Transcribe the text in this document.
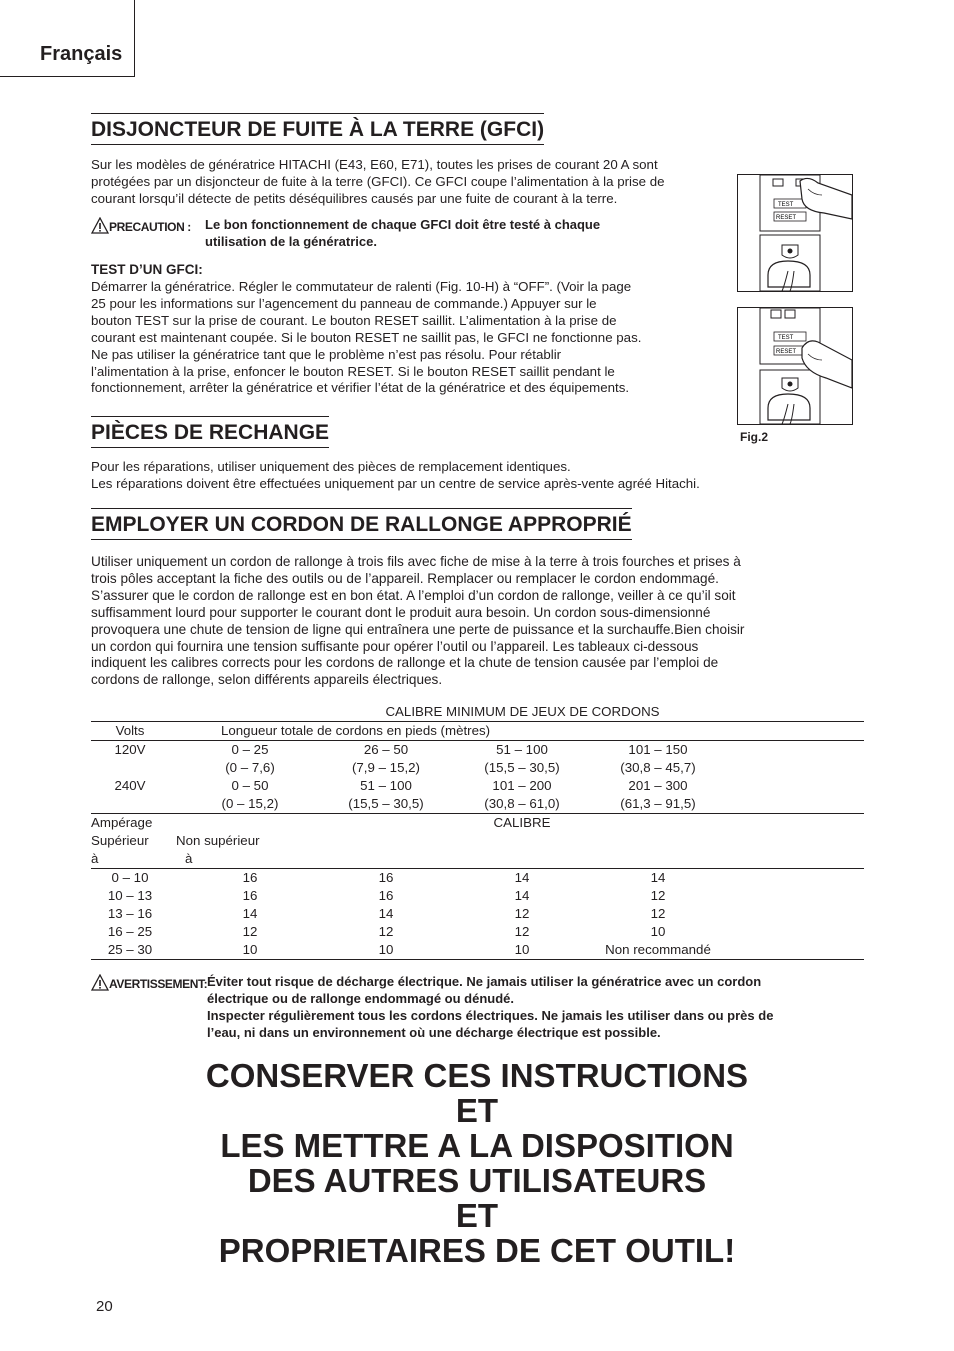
Français
DISJONCTEUR DE FUITE À LA TERRE (GFCI)
Sur les modèles de génératrice HITACHI (E43, E60, E71), toutes les prises de courant 20 A sont
protégées par un disjoncteur de fuite à la terre (GFCI). Ce GFCI coupe l’alimentation à la prise de
courant lorsqu’il détecte de petits déséquilibres causés par une fuite de courant à la terre.
PRECAUTION : Le bon fonctionnement de chaque GFCI doit être testé à chaque
utilisation de la génératrice.
TEST D’UN GFCI:
Démarrer la génératrice. Régler le commutateur de ralenti (Fig. 10-H) à “OFF”. (Voir la page
25 pour les informations sur l’agencement du panneau de commande.) Appuyer sur le
bouton TEST sur la prise de courant. Le bouton RESET saillit. L’alimentation à la prise de
courant est maintenant coupée. Si le bouton RESET ne saillit pas, le GFCI ne fonctionne pas.
Ne pas utiliser la génératrice tant que le problème n’est pas résolu. Pour rétablir
l’alimentation à la prise, enfoncer le bouton RESET. Si le bouton RESET saillit pendant le
fonctionnement, arrêter la génératrice et vérifier l’état de la génératrice et des équipements.
TEST
RESET
TEST
RESET
Fig.2
PIÈCES DE RECHANGE
Pour les réparations, utiliser uniquement des pièces de remplacement identiques.
Les réparations doivent être effectuées uniquement par un centre de service après-vente agréé Hitachi.
EMPLOYER UN CORDON DE RALLONGE APPROPRIÉ
Utiliser uniquement un cordon de rallonge à trois fils avec fiche de mise à la terre à trois fourches et prises à
trois pôles acceptant la fiche des outils ou de l’appareil. Remplacer ou remplacer le cordon endommagé.
S’assurer que le cordon de rallonge est en bon état. A l’emploi d’un cordon de rallonge, veiller à ce qu’il soit
suffisamment lourd pour supporter le courant dont le produit aura besoin. Un cordon sous-dimensionné
provoquera une chute de tension de ligne qui entraînera une perte de puissance et la surchauffe.Bien choisir
un cordon qui fournira une tension suffisante pour opérer l’outil ou l’appareil. Les tableaux ci-dessous
indiquent les calibres corrects pour les cordons de rallonge et la chute de tension causée par l’emploi de
cordons de rallonge, selon différents appareils électriques.
CALIBRE MINIMUM DE JEUX DE CORDONS					
Volts	Longueur totale de cordons en pieds (mètres)				
120V	0 – 25	26 – 50	51 – 100	101 – 150	
	(0 – 7,6)	(7,9 – 15,2)	(15,5 – 30,5)	(30,8 – 45,7)	
240V	0 – 50	51 – 100	101 – 200	201 – 300	
	(0 – 15,2)	(15,5 – 30,5)	(30,8 – 61,0)	(61,3 – 91,5)	
Ampérage			CALIBRE		
Supérieur	Non supérieur				
à	à				
0 – 10	16	16	14	14	
10 – 13	16	16	14	12	
13 – 16	14	14	12	12	
16 – 25	12	12	12	10	
25 – 30	10	10	10	Non recommandé	

AVERTISSEMENT: Éviter tout risque de décharge électrique. Ne jamais utiliser la génératrice avec un cordon
électrique ou de rallonge endommagé ou dénudé.
Inspecter régulièrement tous les cordons électriques. Ne jamais les utiliser dans ou près de
l’eau, ni dans un environnement où une décharge électrique est possible.
CONSERVER CES INSTRUCTIONS
ET
LES METTRE A LA DISPOSITION
DES AUTRES UTILISATEURS
ET
PROPRIETAIRES DE CET OUTIL!
20
